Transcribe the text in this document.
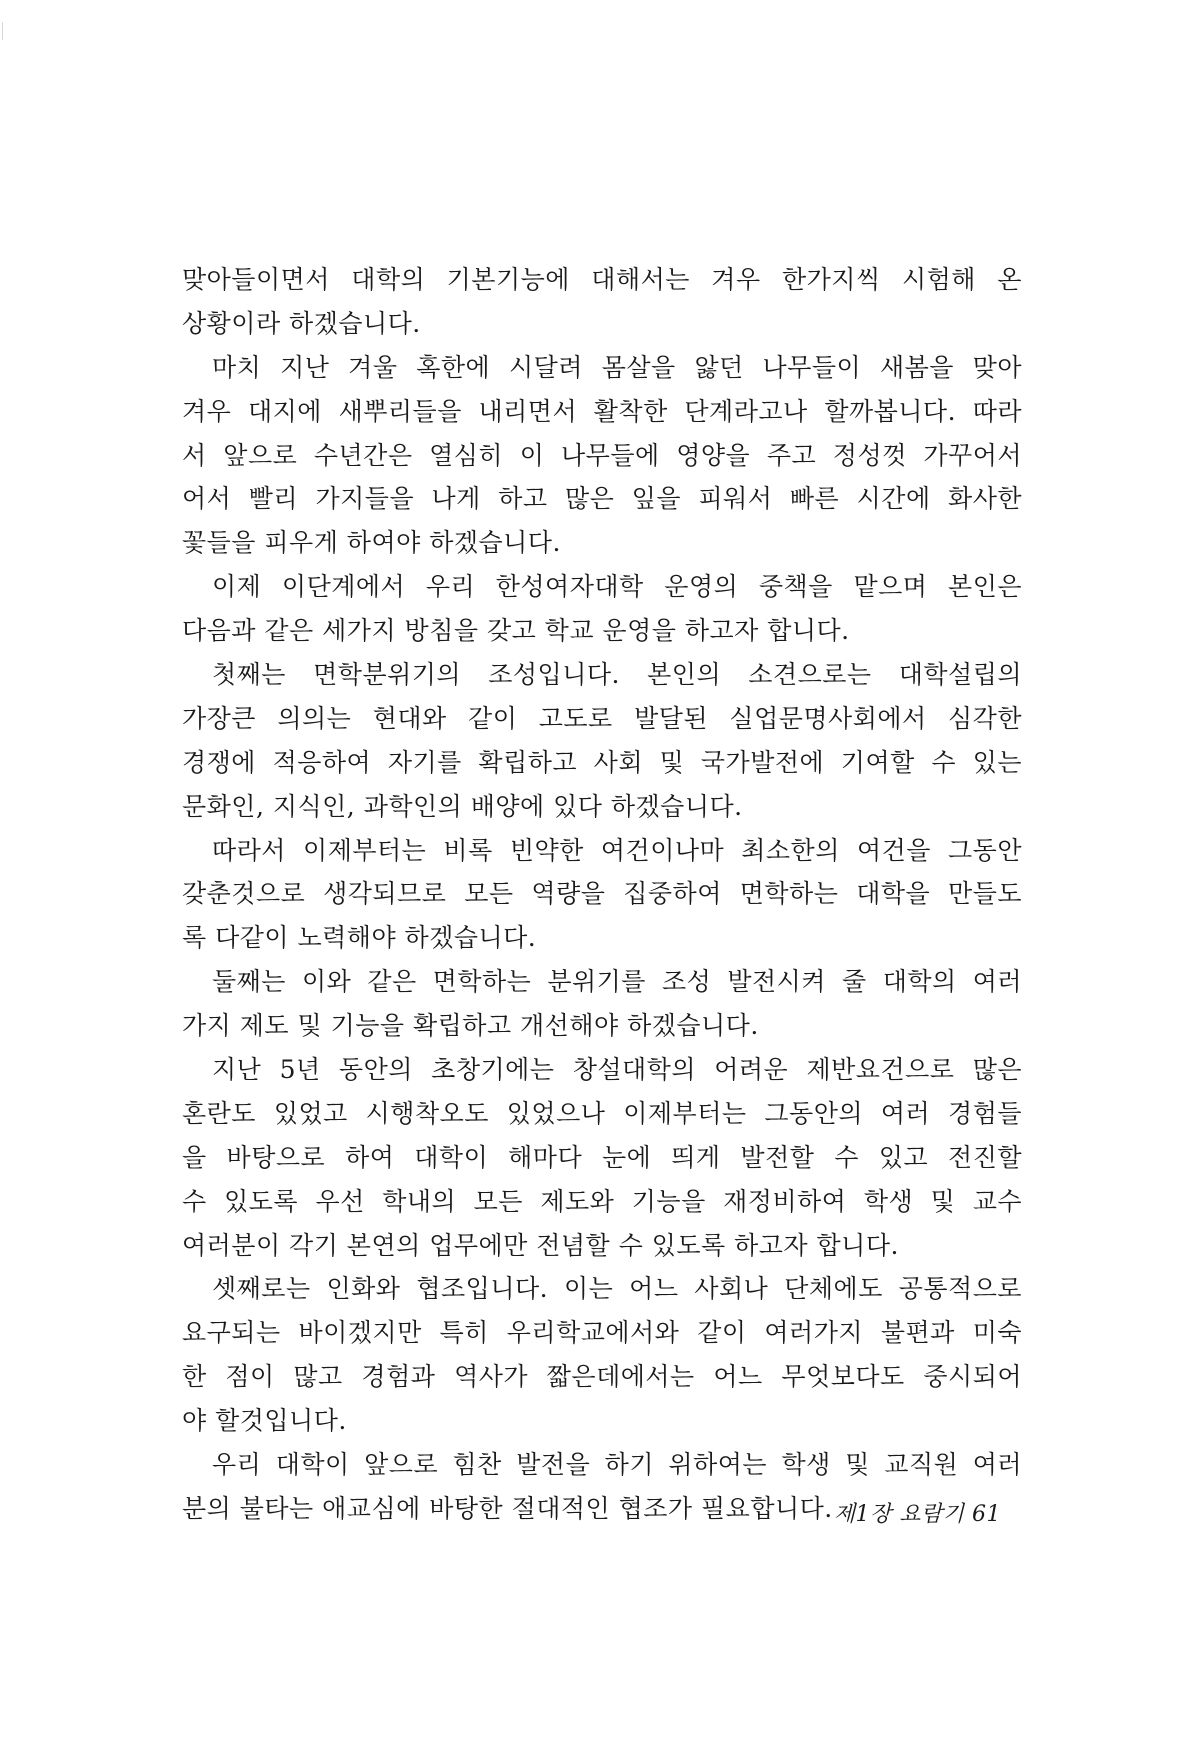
맞아들이면서 대학의 기본기능에 대해서는 겨우 한가지씩 시험해 온
상황이라 하겠습니다.
마치 지난 겨울 혹한에 시달려 몸살을 앓던 나무들이 새봄을 맞아
겨우 대지에 새뿌리들을 내리면서 활착한 단계라고나 할까봅니다. 따라
서 앞으로 수년간은 열심히 이 나무들에 영양을 주고 정성껏 가꾸어서
어서 빨리 가지들을 나게 하고 많은 잎을 피워서 빠른 시간에 화사한
꽃들을 피우게 하여야 하겠습니다.
이제 이단계에서 우리 한성여자대학 운영의 중책을 맡으며 본인은
다음과 같은 세가지 방침을 갖고 학교 운영을 하고자 합니다.
첫째는 면학분위기의 조성입니다. 본인의 소견으로는 대학설립의
가장큰 의의는 현대와 같이 고도로 발달된 실업문명사회에서 심각한
경쟁에 적응하여 자기를 확립하고 사회 및 국가발전에 기여할 수 있는
문화인, 지식인, 과학인의 배양에 있다 하겠습니다.
따라서 이제부터는 비록 빈약한 여건이나마 최소한의 여건을 그동안
갖춘것으로 생각되므로 모든 역량을 집중하여 면학하는 대학을 만들도
록 다같이 노력해야 하겠습니다.
둘째는 이와 같은 면학하는 분위기를 조성 발전시켜 줄 대학의 여러
가지 제도 및 기능을 확립하고 개선해야 하겠습니다.
지난 5년 동안의 초창기에는 창설대학의 어려운 제반요건으로 많은
혼란도 있었고 시행착오도 있었으나 이제부터는 그동안의 여러 경험들
을 바탕으로 하여 대학이 해마다 눈에 띄게 발전할 수 있고 전진할
수 있도록 우선 학내의 모든 제도와 기능을 재정비하여 학생 및 교수
여러분이 각기 본연의 업무에만 전념할 수 있도록 하고자 합니다.
셋째로는 인화와 협조입니다. 이는 어느 사회나 단체에도 공통적으로
요구되는 바이겠지만 특히 우리학교에서와 같이 여러가지 불편과 미숙
한 점이 많고 경험과 역사가 짧은데에서는 어느 무엇보다도 중시되어
야 할것입니다.
우리 대학이 앞으로 힘찬 발전을 하기 위하여는 학생 및 교직원 여러
분의 불타는 애교심에 바탕한 절대적인 협조가 필요합니다. 제1장 요람기 61
